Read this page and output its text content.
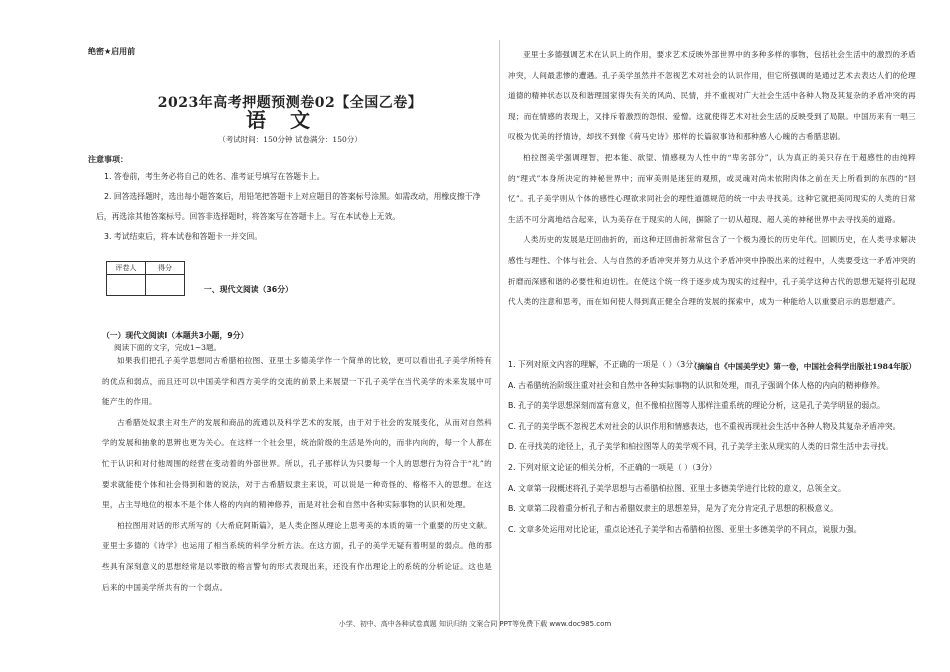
绝密★启用前
2023年高考押题预测卷02【全国乙卷】
语文
（考试时间：150分钟 试卷满分：150分）
注意事项：
1. 答卷前，考生务必将自己的姓名、准考证号填写在答题卡上。
2. 回答选择题时，选出每小题答案后，用铅笔把答题卡上对应题目的答案标号涂黑。如需改动，用橡皮擦干净后，再选涂其他答案标号。回答非选择题时，将答案写在答题卡上。写在本试卷上无效。
3. 考试结束后，将本试卷和答题卡一并交回。
评卷人	得分

一、现代文阅读（36分）
（一）现代文阅读Ⅰ（本题共3小题，9分）
阅读下面的文字，完成1~3题。

如果我们把孔子美学思想同古希腊柏拉图、亚里士多德美学作一个简单的比较，更可以看出孔子美学所特有的优点和弱点，而且还可以中国美学和西方美学的交流的前景上来展望一下孔子美学在当代美学的未来发展中可能产生的作用。

古希腊处奴隶主对生产的发展和商品的流通以及科学艺术的发展，由于对于社会的发展变化，从而对自然科学的发展和抽象的思辨也更为关心。在这样一个社会里，统治阶级的生活是外向的，而非内向的，每一个人都在忙于认识和对付他周围的经营在变动着的外部世界。所以，孔子那样认为只要每一个人的思想行为符合于“礼”的要求就能使个体和社会得到和谐的说法，对于古希腊奴隶主来说，可以说是一种奇怪的、格格不入的思想。在这里，占主导地位的根本不是个体人格的内向的精神修养，而是对社会和自然中各种实际事物的认识和处理。

柏拉图用对话的形式所写的《大希庇阿斯篇》，是人类企图从理论上思考美的本质的第一个重要的历史文献。亚里士多德的《诗学》也运用了相当系统的科学分析方法。在这方面，孔子的美学无疑有着明显的弱点。他的那些具有深刻意义的思想经常是以零散的格言警句的形式表现出来，还没有作出理论上的系统的分析论证。这也是后来的中国美学所共有的一个弱点。

亚里士多德强调艺术在认识上的作用，要求艺术反映外部世界中的多种多样的事物，包括社会生活中的激烈的矛盾冲突，人间最悲惨的遭遇。孔子美学虽然并不忽视艺术对社会的认识作用，但它所强调的是通过艺术去表达人们的伦理道德的精神状态以及和谐理国家得失有关的风尚、民情，并不重视对广大社会生活中各种人物及其复杂的矛盾冲突的再现；而在情感的表现上，又排斥着激烈的怨恨、爱憎。这就使得艺术对社会生活的反映受到了局限。中国历来有一唱三叹极为优美的抒情诗，却找不到像《荷马史诗》那样的长篇叙事诗和那种感人心魄的古希腊悲剧。

柏拉图美学强调理智，把本能、欲望、情感视为人性中的“卑劣部分”，认为真正的美只存在于超感性的由纯粹的“理式”本身所决定的神秘世界中；而审美则是迷狂的观照，或灵魂对尚未依附肉体之前在天上所看到的东西的“回忆”。孔子美学则从个体的感性心理欲求同社会的理性道德规范的统一中去寻找美。这种它就把美同现实的人类的日常生活不可分离地结合起来，认为美存在于现实的人间，摒除了一切从超现、超人美的神秘世界中去寻找美的道路。

人类历史的发展是迂回曲折的，而这种迂回曲折常常包含了一个极为漫长的历史年代。回顾历史，在人类寻求解决感性与理性、个体与社会、人与自然的矛盾冲突并努力从这个矛盾冲突中挣脱出来的过程中，人类要受这一矛盾冲突的折磨而深感和谐的必要性和迫切性。在使这个统一终于逐步成为现实的过程中，孔子美学这种古代的思想无疑将引起现代人类的注意和思考，而在如何使人得到真正健全合理的发展的探索中，成为一种能给人以重要启示的思想遗产。

（摘编自《中国美学史》第一卷，中国社会科学出版社1984年版）

1. 下列对原文内容的理解，不正确的一项是（ ）（3分）

A. 古希腊统治阶级注重对社会和自然中各种实际事物的认识和处理，而孔子强调个体人格的内向的精神修养。

B. 孔子的美学思想深刻而富有意义，但不像柏拉图等人那样注重系统的理论分析，这是孔子美学明显的弱点。

C. 孔子的美学既不忽视艺术对社会的认识作用和情感表达，也不重视再现社会生活中各种人物及其复杂矛盾冲突。

D. 在寻找美的途径上，孔子美学和柏拉图等人的美学观不同，孔子美学主张从现实的人类的日常生活中去寻找。

2. 下列对原文论证的相关分析，不正确的一项是（ ）（3分）

A. 文章第一段概述将孔子美学思想与古希腊柏拉图、亚里士多德美学进行比较的意义，总领全文。

B. 文章第二段着重分析孔子和古希腊奴隶主的思想差异，是为了充分肯定孔子思想的积极意义。

C. 文章多处运用对比论证，重点论述孔子美学和古希腊柏拉图、亚里士多德美学的不同点，说服力强。

小学、初中、高中各种试卷真题 知识归纳 文案合同 PPT等免费下载 www.doc985.com
